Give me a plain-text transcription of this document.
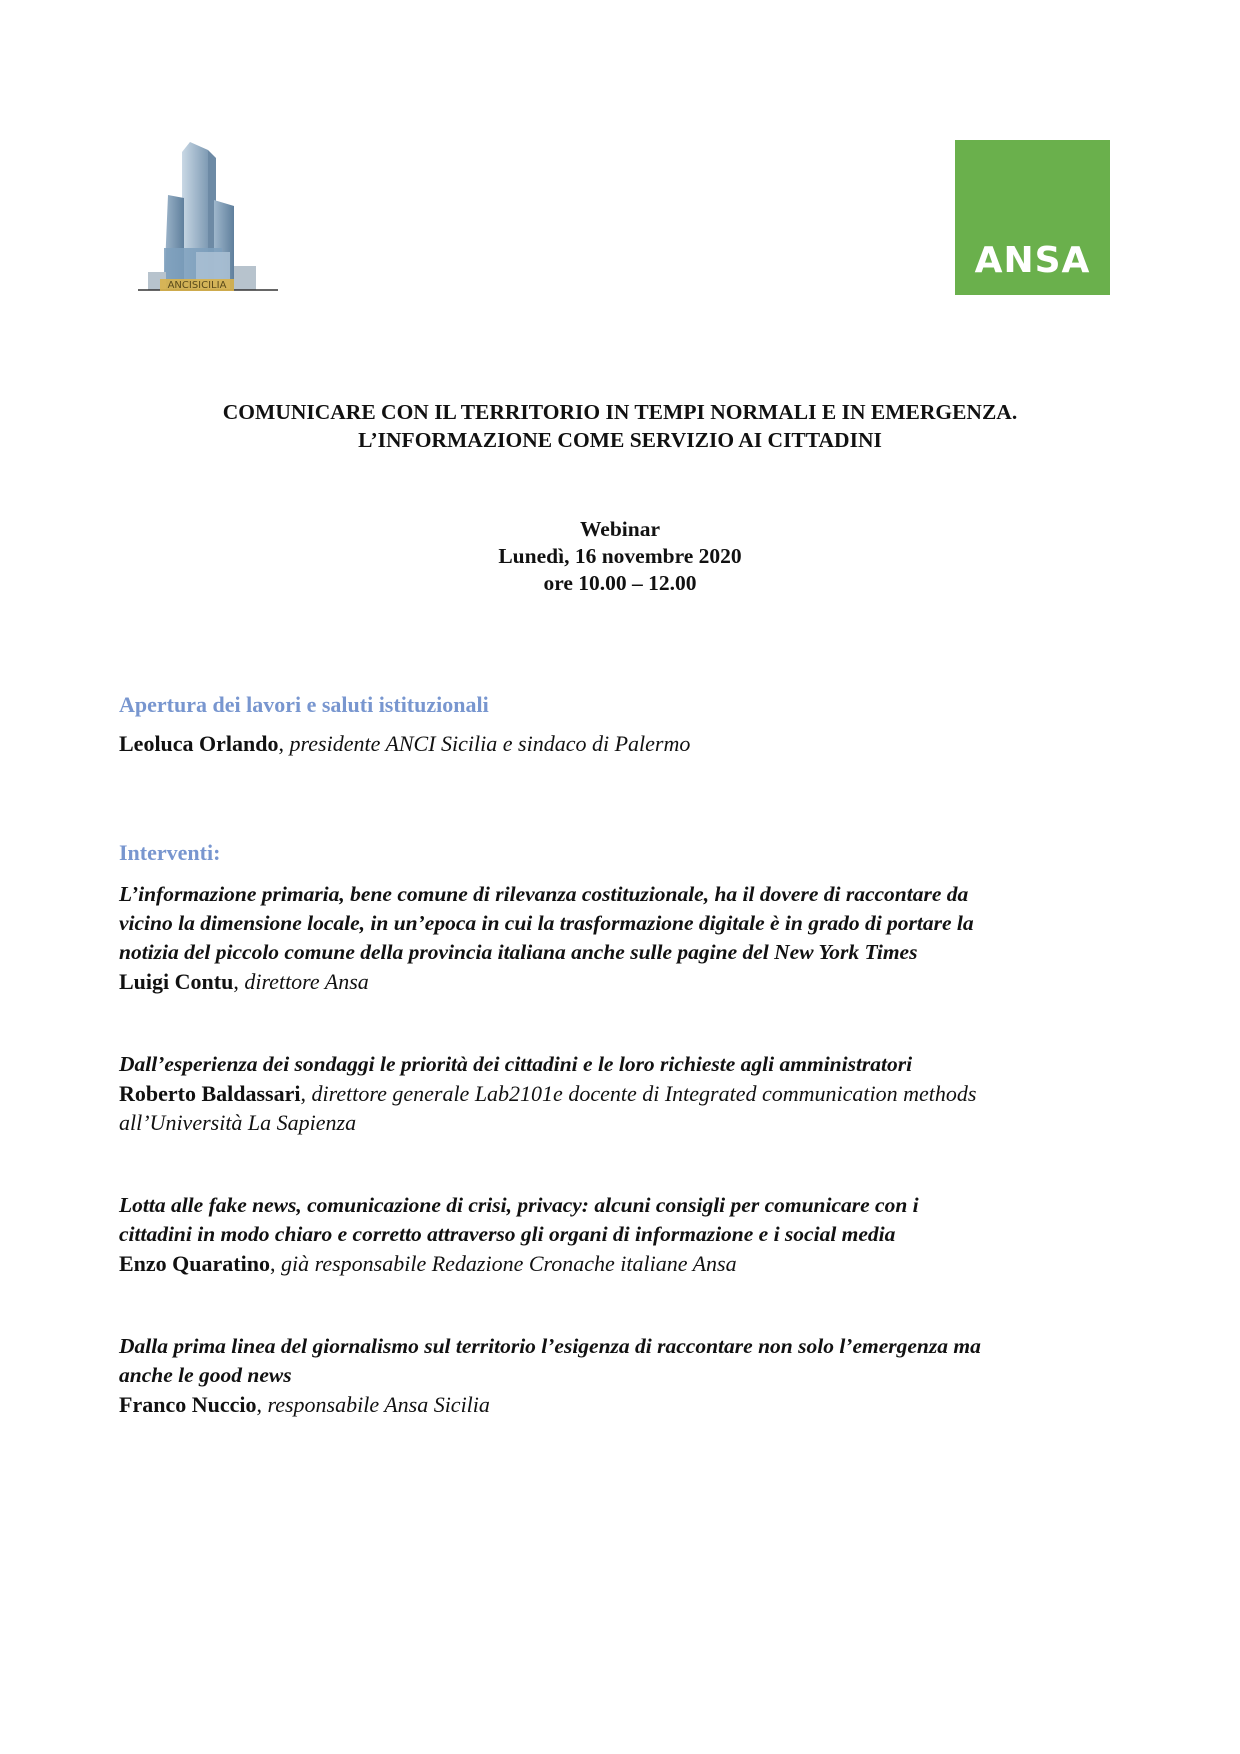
ANCISICILIA
ANSA
COMUNICARE CON IL TERRITORIO IN TEMPI NORMALI E IN EMERGENZA.
L’INFORMAZIONE COME SERVIZIO AI CITTADINI
Webinar
Lunedì, 16 novembre 2020
ore 10.00 – 12.00
Apertura dei lavori e saluti istituzionali
Leoluca Orlando, presidente ANCI Sicilia e sindaco di Palermo
Interventi:
L’informazione primaria, bene comune di rilevanza costituzionale, ha il dovere di raccontare da
vicino la dimensione locale, in un’epoca in cui la trasformazione digitale è in grado di portare la
notizia del piccolo comune della provincia italiana anche sulle pagine del New York Times
Luigi Contu, direttore Ansa
Dall’esperienza dei sondaggi le priorità dei cittadini e le loro richieste agli amministratori
Roberto Baldassari, direttore generale Lab2101e docente di Integrated communication methods
all’Università La Sapienza
Lotta alle fake news, comunicazione di crisi, privacy: alcuni consigli per comunicare con i
cittadini in modo chiaro e corretto attraverso gli organi di informazione e i social media
Enzo Quaratino, già responsabile Redazione Cronache italiane Ansa
Dalla prima linea del giornalismo sul territorio l’esigenza di raccontare non solo l’emergenza ma
anche le good news
Franco Nuccio, responsabile Ansa Sicilia
